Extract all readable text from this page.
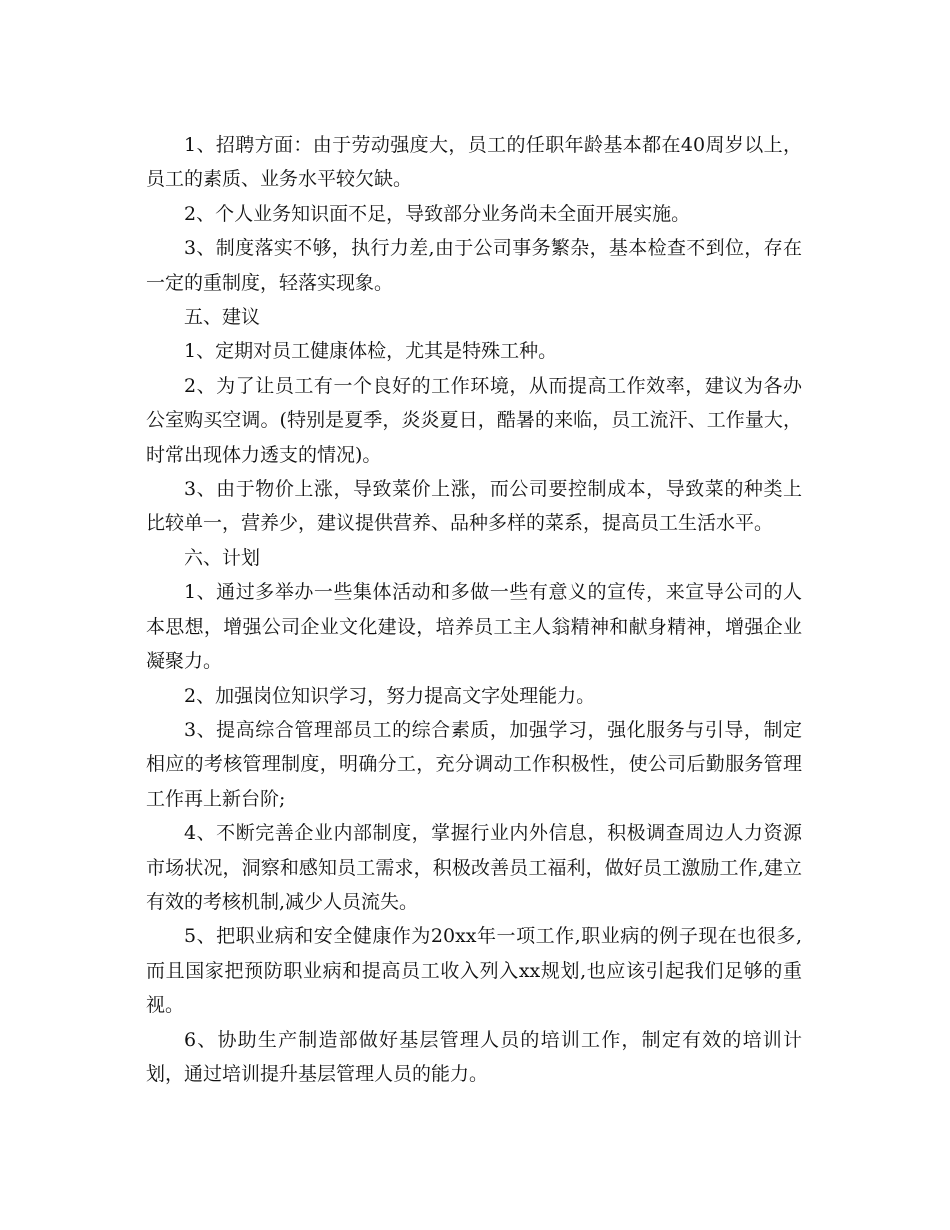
1、招聘方面：由于劳动强度大，员工的任职年龄基本都在40周岁以上，员工的素质、业务水平较欠缺。

2、个人业务知识面不足，导致部分业务尚未全面开展实施。

3、制度落实不够，执行力差,由于公司事务繁杂，基本检查不到位，存在一定的重制度，轻落实现象。

五、建议

1、定期对员工健康体检，尤其是特殊工种。

2、为了让员工有一个良好的工作环境，从而提高工作效率，建议为各办公室购买空调。(特别是夏季，炎炎夏日，酷暑的来临，员工流汗、工作量大，时常出现体力透支的情况)。

3、由于物价上涨，导致菜价上涨，而公司要控制成本，导致菜的种类上比较单一，营养少，建议提供营养、品种多样的菜系，提高员工生活水平。

六、计划

1、通过多举办一些集体活动和多做一些有意义的宣传，来宣导公司的人本思想，增强公司企业文化建设，培养员工主人翁精神和献身精神，增强企业凝聚力。

2、加强岗位知识学习，努力提高文字处理能力。

3、提高综合管理部员工的综合素质，加强学习，强化服务与引导，制定相应的考核管理制度，明确分工，充分调动工作积极性，使公司后勤服务管理工作再上新台阶;

4、不断完善企业内部制度，掌握行业内外信息，积极调查周边人力资源市场状况，洞察和感知员工需求，积极改善员工福利，做好员工激励工作,建立有效的考核机制,减少人员流失。

5、把职业病和安全健康作为20xx年一项工作,职业病的例子现在也很多,而且国家把预防职业病和提高员工收入列入xx规划,也应该引起我们足够的重视。

6、协助生产制造部做好基层管理人员的培训工作，制定有效的培训计划，通过培训提升基层管理人员的能力。
